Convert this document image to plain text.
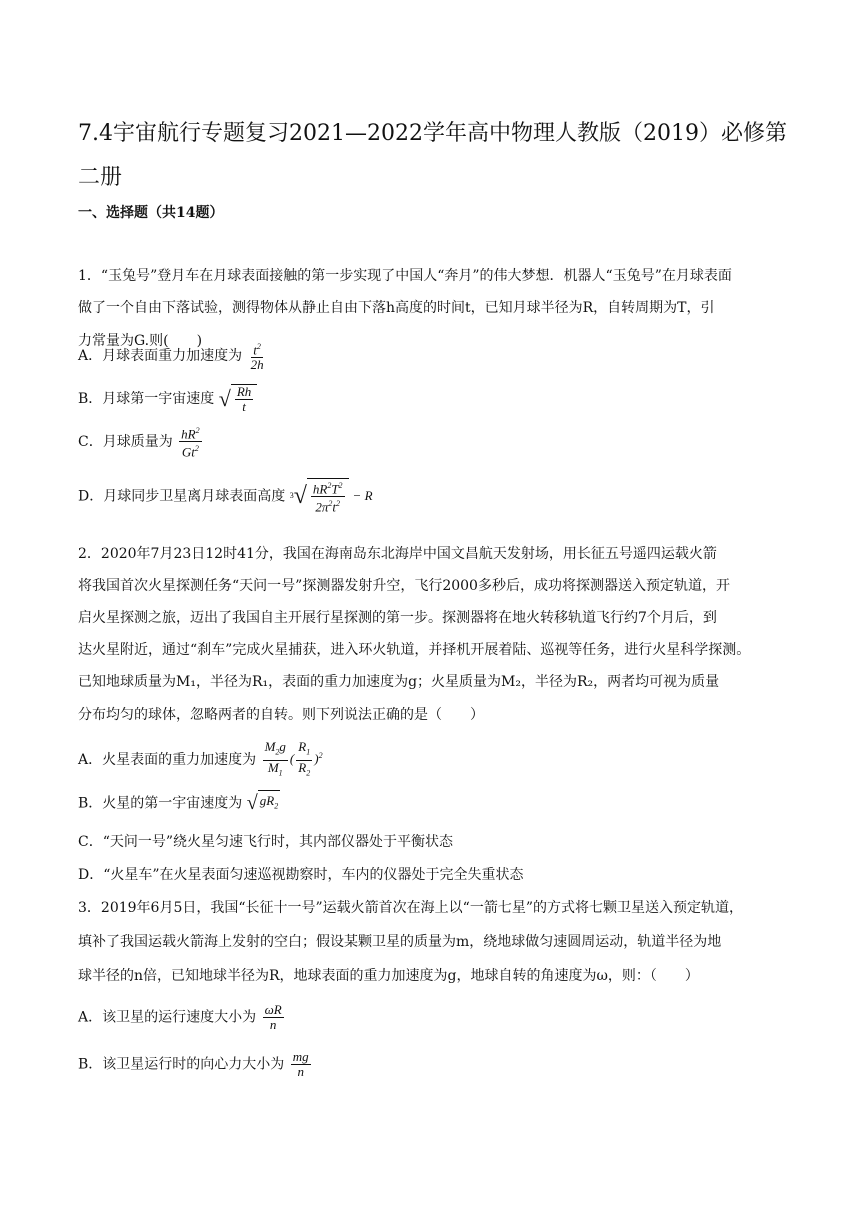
7.4宇宙航行专题复习2021—2022学年高中物理人教版（2019）必修第二册
一、选择题（共14题）
1．“玉兔号”登月车在月球表面接触的第一步实现了中国人“奔月”的伟大梦想．机器人“玉兔号”在月球表面
做了一个自由下落试验，测得物体从静止自由下落h高度的时间t，已知月球半径为R，自转周期为T，引
力常量为G.则(　　)
A．月球表面重力加速度为 $\frac{t^2}{2h}$
B．月球第一宇宙速度 √ $\frac{Rh}{t}$
C．月球质量为 $\frac{hR^2}{Gt^2}$
D．月球同步卫星离月球表面高度 3 √ $\frac{hR^2T^2}{2\pi^2t^2} - R$
2．2020年7月23日12时41分，我国在海南岛东北海岸中国文昌航天发射场，用长征五号遥四运载火箭
将我国首次火星探测任务“天问一号”探测器发射升空，飞行2000多秒后，成功将探测器送入预定轨道，开
启火星探测之旅，迈出了我国自主开展行星探测的第一步。探测器将在地火转移轨道飞行约7个月后，到
达火星附近，通过“刹车”完成火星捕获，进入环火轨道，并择机开展着陆、巡视等任务，进行火星科学探测。
已知地球质量为M₁，半径为R₁，表面的重力加速度为g；火星质量为M₂，半径为R₂，两者均可视为质量
分布均匀的球体，忽略两者的自转。则下列说法正确的是（　　）
A．火星表面的重力加速度为 $\frac{M_2g}{M_1}$ ( $\frac{R_1}{R_2} )^2$
B．火星的第一宇宙速度为 √ $gR_2$
C．“天问一号”绕火星匀速飞行时，其内部仪器处于平衡状态
D．“火星车”在火星表面匀速巡视勘察时，车内的仪器处于完全失重状态
3．2019年6月5日，我国“长征十一号”运载火箭首次在海上以“一箭七星”的方式将七颗卫星送入预定轨道，
填补了我国运载火箭海上发射的空白；假设某颗卫星的质量为m，绕地球做匀速圆周运动，轨道半径为地
球半径的n倍，已知地球半径为R，地球表面的重力加速度为g，地球自转的角速度为ω，则：（　　）
A．该卫星的运行速度大小为 $\frac{\omega R}{n}$
B．该卫星运行时的向心力大小为 $\frac{mg}{n}$
